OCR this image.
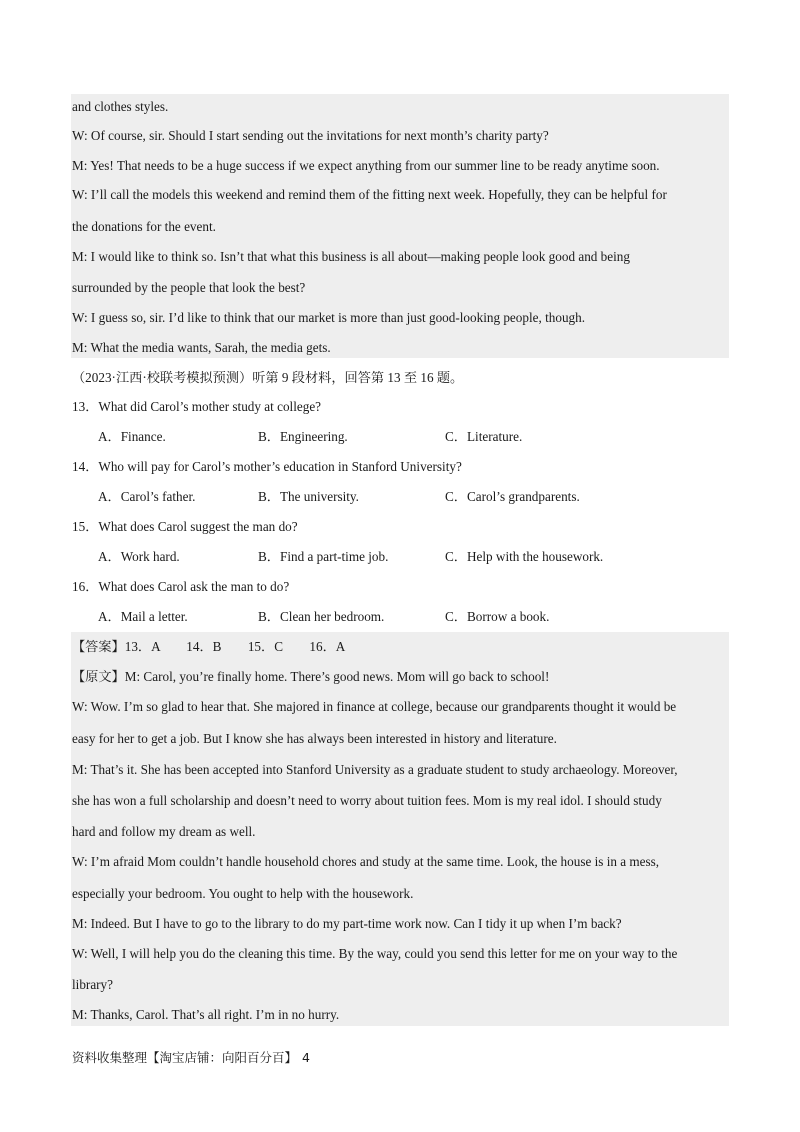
and clothes styles.
W: Of course, sir. Should I start sending out the invitations for next month’s charity party?
M: Yes! That needs to be a huge success if we expect anything from our summer line to be ready anytime soon.
W: I’ll call the models this weekend and remind them of the fitting next week. Hopefully, they can be helpful for
the donations for the event.
M: I would like to think so. Isn’t that what this business is all about—making people look good and being
surrounded by the people that look the best?
W: I guess so, sir. I’d like to think that our market is more than just good-looking people, though.
M: What the media wants, Sarah, the media gets.
（2023·江西·校联考模拟预测）听第 9 段材料，回答第 13 至 16 题。
13．What did Carol’s mother study at college?
A．Finance.	B．Engineering.	C．Literature.
14．Who will pay for Carol’s mother’s education in Stanford University?
A．Carol’s father.	B．The university.	C．Carol’s grandparents.
15．What does Carol suggest the man do?
A．Work hard.	B．Find a part-time job.	C．Help with the housework.
16．What does Carol ask the man to do?
A．Mail a letter.	B．Clean her bedroom.	C．Borrow a book.
【答案】13．A　　14．B　　15．C　　16．A
【原文】M: Carol, you’re finally home. There’s good news. Mom will go back to school!
W: Wow. I’m so glad to hear that. She majored in finance at college, because our grandparents thought it would be
easy for her to get a job. But I know she has always been interested in history and literature.
M: That’s it. She has been accepted into Stanford University as a graduate student to study archaeology. Moreover,
she has won a full scholarship and doesn’t need to worry about tuition fees. Mom is my real idol. I should study
hard and follow my dream as well.
W: I’m afraid Mom couldn’t handle household chores and study at the same time. Look, the house is in a mess,
especially your bedroom. You ought to help with the housework.
M: Indeed. But I have to go to the library to do my part-time work now. Can I tidy it up when I’m back?
W: Well, I will help you do the cleaning this time. By the way, could you send this letter for me on your way to the
library?
M: Thanks, Carol. That’s all right. I’m in no hurry.
资料收集整理【淘宝店铺：向阳百分百】 4
